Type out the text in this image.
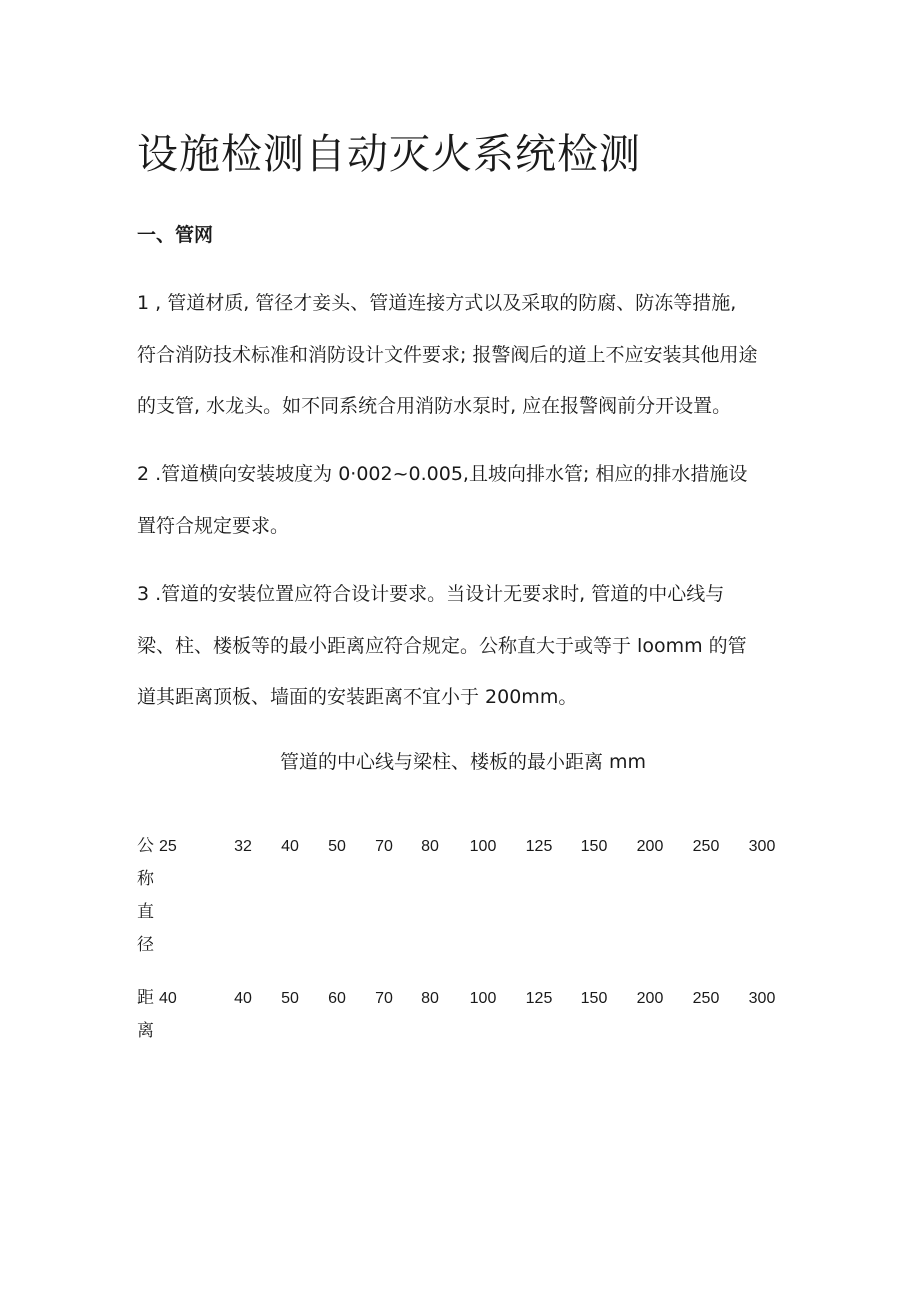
设施检测自动灭火系统检测
一、管网

1 , 管道材质, 管径才妾头、管道连接方式以及采取的防腐、防冻等措施,
符合消防技术标准和消防设计文件要求; 报警阀后的道上不应安装其他用途
的支管, 水龙头。如不同系统合用消防水泵时, 应在报警阀前分开设置。

2 .管道横向安装坡度为 0·002~0.005,且坡向排水管; 相应的排水措施设
置符合规定要求。

3 .管道的安装位置应符合设计要求。当设计无要求时, 管道的中心线与
梁、柱、楼板等的最小距离应符合规定。公称直大于或等于 loomm 的管
道其距离顶板、墙面的安装距离不宜小于 200mm。

管道的中心线与梁柱、楼板的最小距离 mm

公
称
直
径
25	32 40 50 70 80 100 125 150 200 250 300
距
离
40	40 50 60 70 80 100 125 150 200 250 300
